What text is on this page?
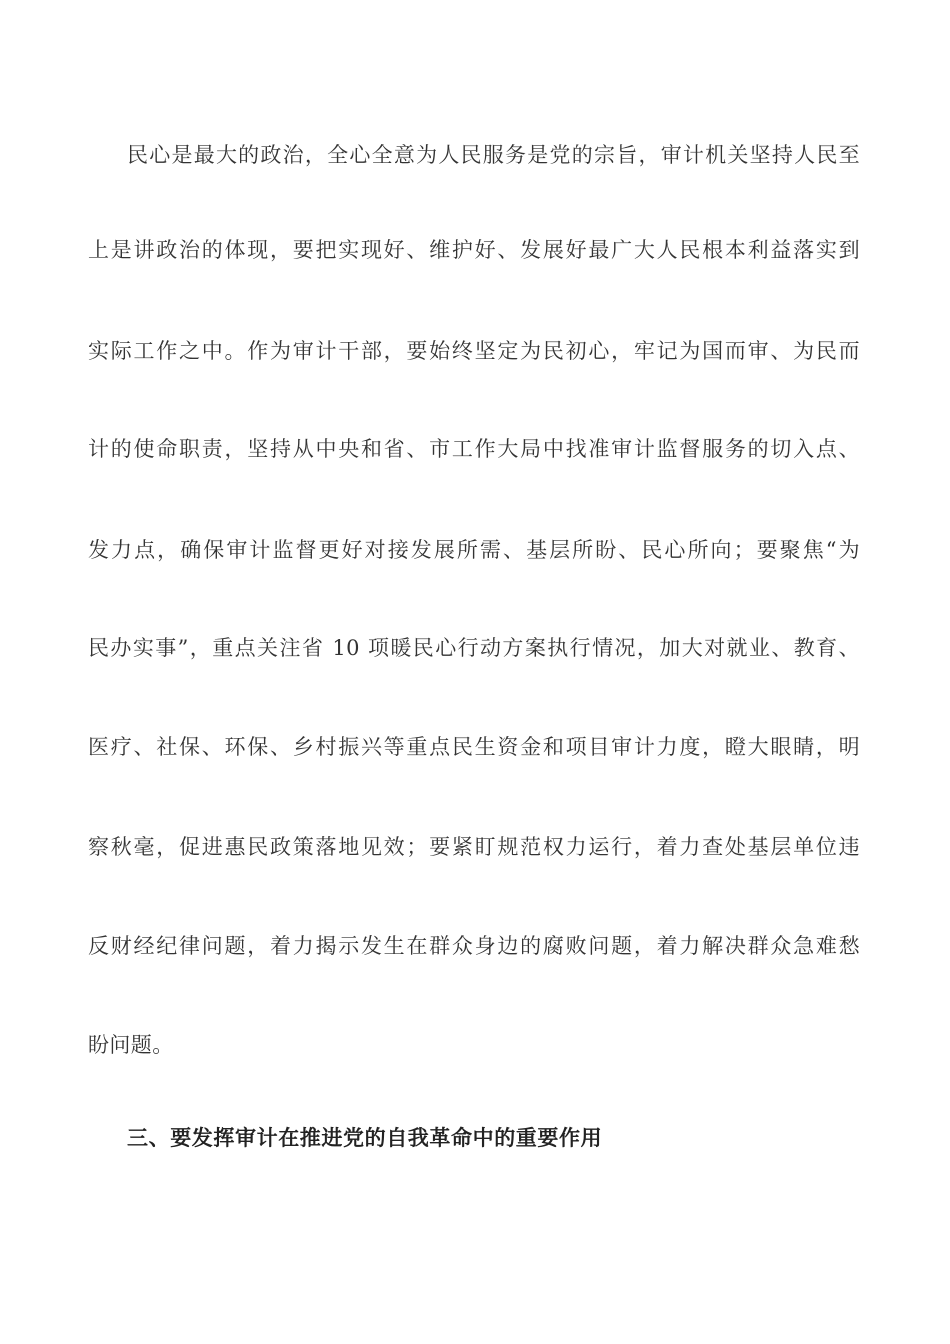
民心是最大的政治，全心全意为人民服务是党的宗旨，审计机关坚持人民至
上是讲政治的体现，要把实现好、维护好、发展好最广大人民根本利益落实到
实际工作之中。作为审计干部，要始终坚定为民初心，牢记为国而审、为民而
计的使命职责，坚持从中央和省、市工作大局中找准审计监督服务的切入点、
发力点，确保审计监督更好对接发展所需、基层所盼、民心所向；要聚焦“为
民办实事”，重点关注省 10 项暖民心行动方案执行情况，加大对就业、教育、
医疗、社保、环保、乡村振兴等重点民生资金和项目审计力度，瞪大眼睛，明
察秋毫，促进惠民政策落地见效；要紧盯规范权力运行，着力查处基层单位违
反财经纪律问题，着力揭示发生在群众身边的腐败问题，着力解决群众急难愁
盼问题。
三、要发挥审计在推进党的自我革命中的重要作用
